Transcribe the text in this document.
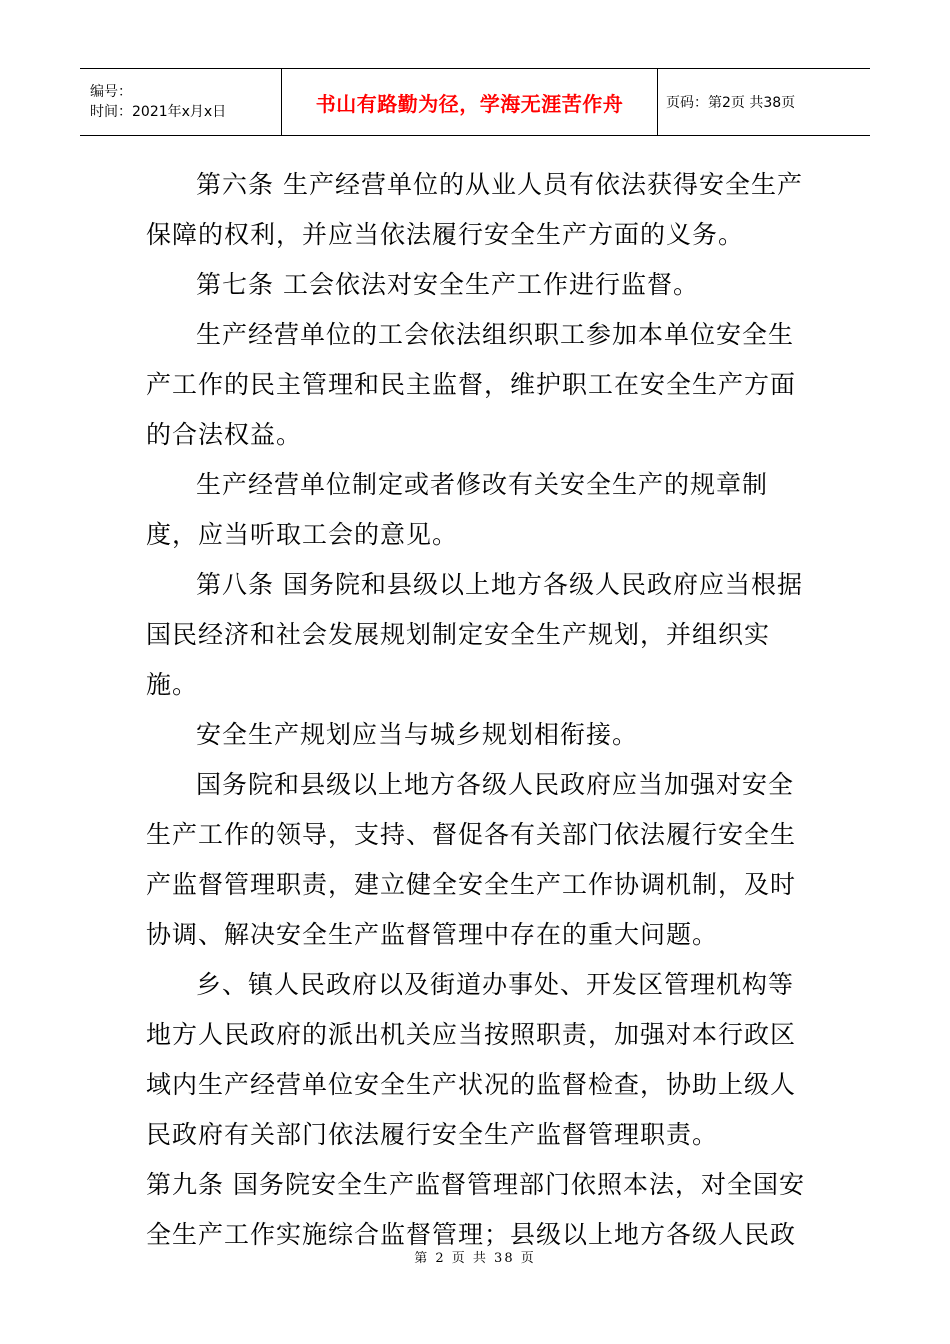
编号：
时间：2021年x月x日	书山有路勤为径，学海无涯苦作舟	页码：第2页 共38页

第六条 生产经营单位的从业人员有依法获得安全生产保障的权利，并应当依法履行安全生产方面的义务。

第七条 工会依法对安全生产工作进行监督。

生产经营单位的工会依法组织职工参加本单位安全生产工作的民主管理和民主监督，维护职工在安全生产方面的合法权益。

生产经营单位制定或者修改有关安全生产的规章制度，应当听取工会的意见。

第八条 国务院和县级以上地方各级人民政府应当根据国民经济和社会发展规划制定安全生产规划，并组织实施。

安全生产规划应当与城乡规划相衔接。

国务院和县级以上地方各级人民政府应当加强对安全生产工作的领导，支持、督促各有关部门依法履行安全生产监督管理职责，建立健全安全生产工作协调机制，及时协调、解决安全生产监督管理中存在的重大问题。

乡、镇人民政府以及街道办事处、开发区管理机构等地方人民政府的派出机关应当按照职责，加强对本行政区域内生产经营单位安全生产状况的监督检查，协助上级人民政府有关部门依法履行安全生产监督管理职责。

第九条 国务院安全生产监督管理部门依照本法，对全国安全生产工作实施综合监督管理；县级以上地方各级人民政

第 2 页 共 38 页
